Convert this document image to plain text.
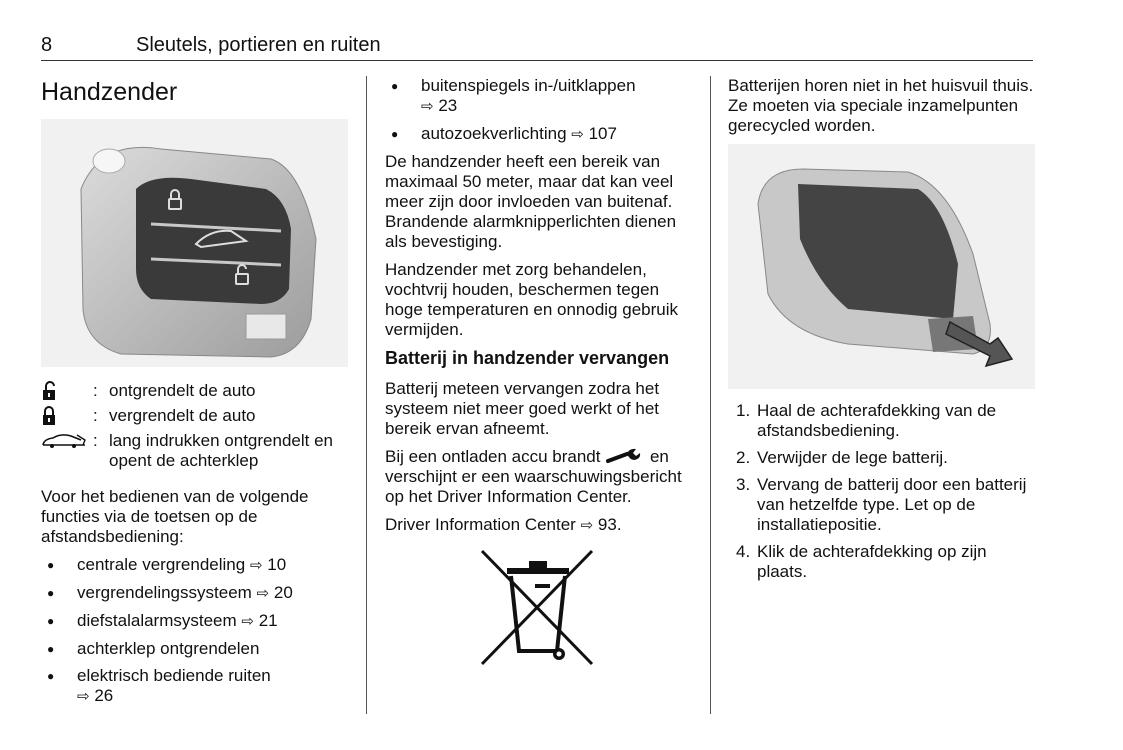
8	Sleutels, portieren en ruiten
Handzender
: ontgrendelt de auto
: vergrendelt de auto
: lang indrukken ontgrendelt en opent de achterklep

Voor het bedienen van de volgende functies via de toetsen op de afstandsbediening:

● centrale vergrendeling ⇨ 10
● vergrendelingssysteem ⇨ 20
● diefstalalarmsysteem ⇨ 21
● achterklep ontgrendelen
● elektrisch bediende ruiten
⇨ 26
● buitenspiegels in-/uitklappen
⇨ 23
● autozoekverlichting ⇨ 107

De handzender heeft een bereik van maximaal 50 meter, maar dat kan veel meer zijn door invloeden van buitenaf. Brandende alarmknipperlichten dienen als bevestiging.

Handzender met zorg behandelen, vochtvrij houden, beschermen tegen hoge temperaturen en onnodig gebruik vermijden.

Batterij in handzender vervangen

Batterij meteen vervangen zodra het systeem niet meer goed werkt of het bereik ervan afneemt.

Bij een ontladen accu brandt	en verschijnt er een waarschuwingsbericht op het Driver Information Center.

Driver Information Center ⇨ 93.

Batterijen horen niet in het huisvuil thuis. Ze moeten via speciale inzamelpunten gerecycled worden.

1. Haal de achterafdekking van de afstandsbediening.
2. Verwijder de lege batterij.
3. Vervang de batterij door een batterij van hetzelfde type. Let op de installatiepositie.
4. Klik de achterafdekking op zijn plaats.
